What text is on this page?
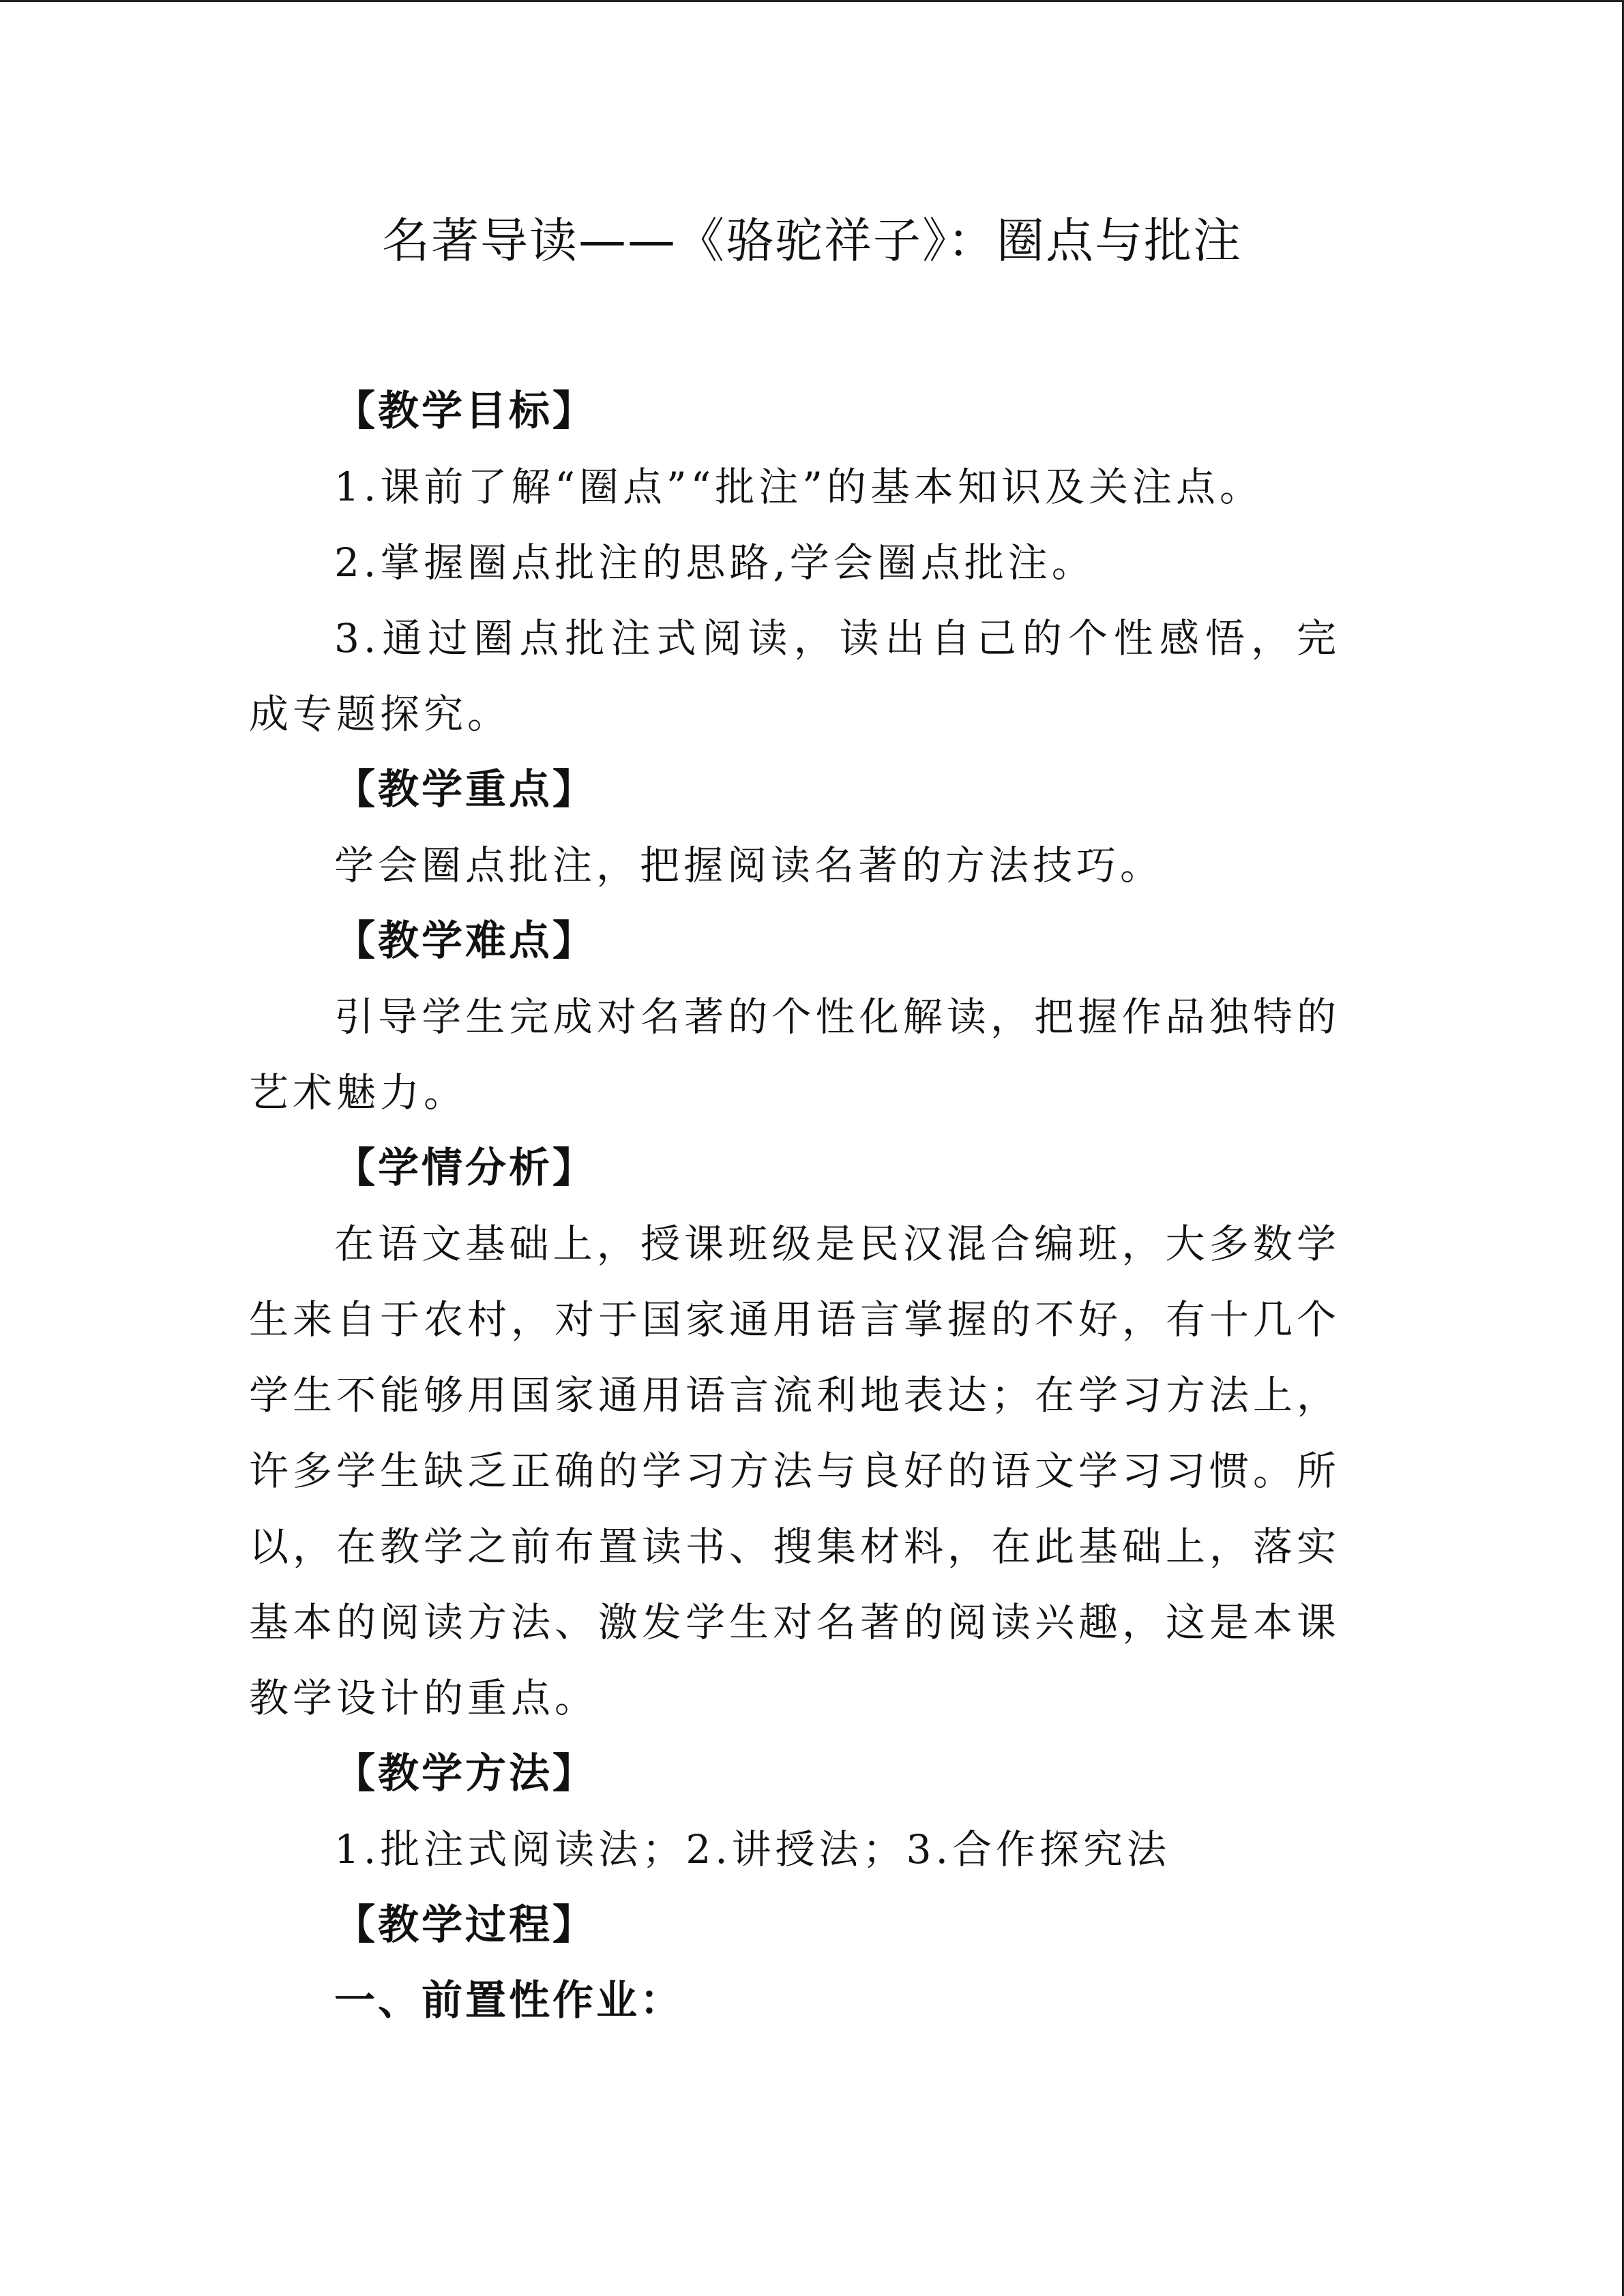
名著导读——《骆驼祥子》：圈点与批注
【教学目标】

1.课前了解“圈点”“批注”的基本知识及关注点。

2.掌握圈点批注的思路,学会圈点批注。

3.通过圈点批注式阅读，读出自己的个性感悟，完成专题探究。

【教学重点】

学会圈点批注，把握阅读名著的方法技巧。

【教学难点】

引导学生完成对名著的个性化解读，把握作品独特的艺术魅力。

【学情分析】

在语文基础上，授课班级是民汉混合编班，大多数学生来自于农村，对于国家通用语言掌握的不好，有十几个学生不能够用国家通用语言流利地表达；在学习方法上，许多学生缺乏正确的学习方法与良好的语文学习习惯。所以，在教学之前布置读书、搜集材料，在此基础上，落实基本的阅读方法、激发学生对名著的阅读兴趣，这是本课教学设计的重点。

【教学方法】

1.批注式阅读法；2.讲授法；3.合作探究法

【教学过程】
一、前置性作业：
